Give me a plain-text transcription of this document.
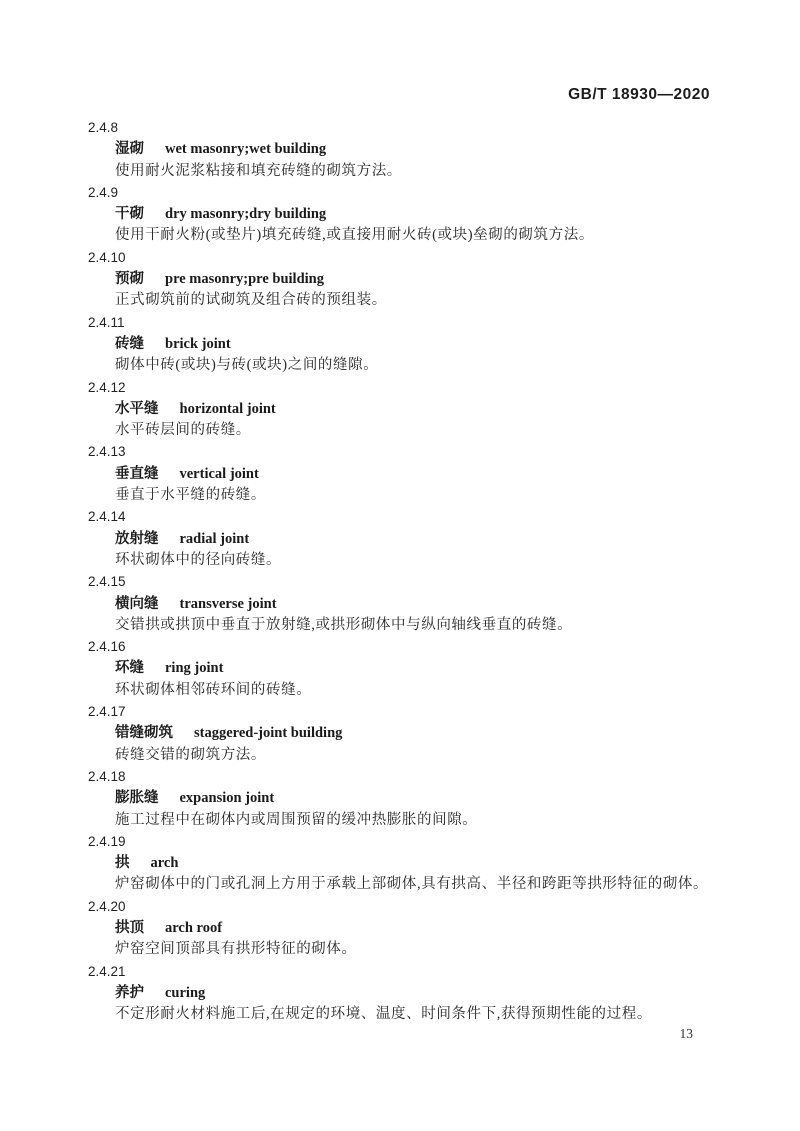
GB/T 18930—2020
2.4.8
湿砌 wet masonry;wet building
使用耐火泥浆粘接和填充砖缝的砌筑方法。
2.4.9
干砌 dry masonry;dry building
使用干耐火粉(或垫片)填充砖缝,或直接用耐火砖(或块)垒砌的砌筑方法。
2.4.10
预砌 pre masonry;pre building
正式砌筑前的试砌筑及组合砖的预组装。
2.4.11
砖缝 brick joint
砌体中砖(或块)与砖(或块)之间的缝隙。
2.4.12
水平缝 horizontal joint
水平砖层间的砖缝。
2.4.13
垂直缝 vertical joint
垂直于水平缝的砖缝。
2.4.14
放射缝 radial joint
环状砌体中的径向砖缝。
2.4.15
横向缝 transverse joint
交错拱或拱顶中垂直于放射缝,或拱形砌体中与纵向轴线垂直的砖缝。
2.4.16
环缝 ring joint
环状砌体相邻砖环间的砖缝。
2.4.17
错缝砌筑 staggered-joint building
砖缝交错的砌筑方法。
2.4.18
膨胀缝 expansion joint
施工过程中在砌体内或周围预留的缓冲热膨胀的间隙。
2.4.19
拱 arch
炉窑砌体中的门或孔洞上方用于承载上部砌体,具有拱高、半径和跨距等拱形特征的砌体。
2.4.20
拱顶 arch roof
炉窑空间顶部具有拱形特征的砌体。
2.4.21
养护 curing
不定形耐火材料施工后,在规定的环境、温度、时间条件下,获得预期性能的过程。
13
